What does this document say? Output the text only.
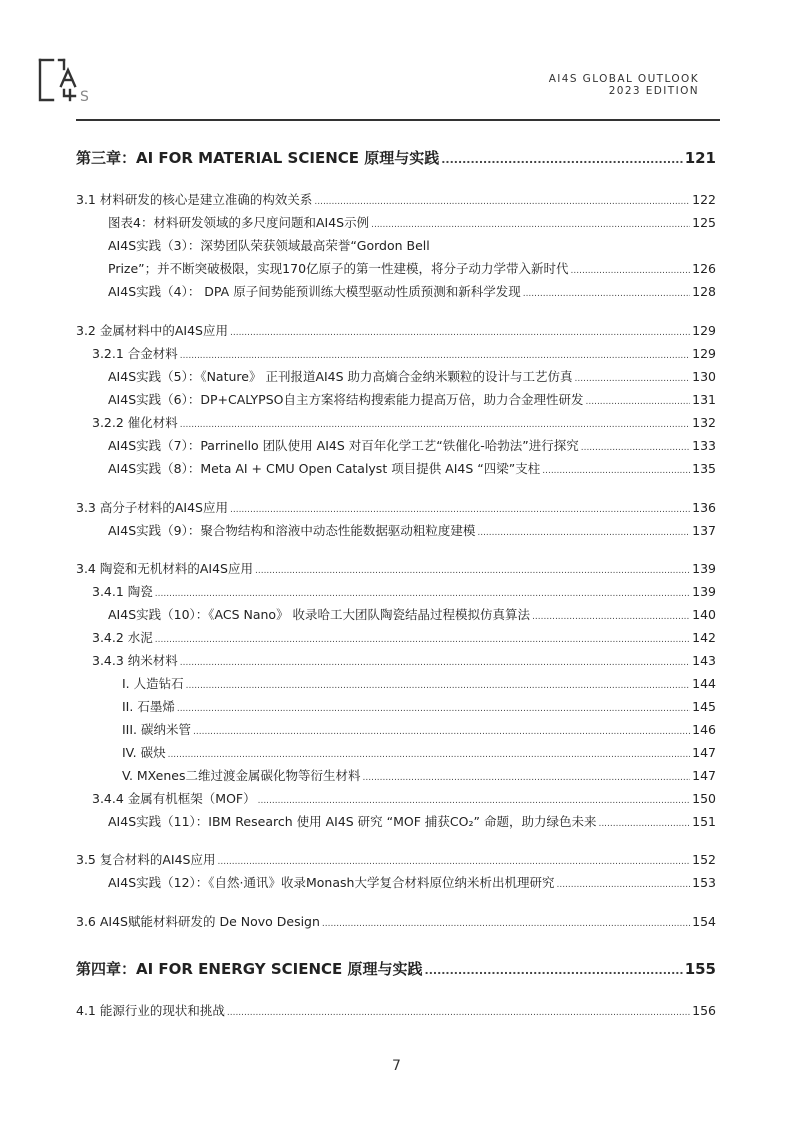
S
AI4S GLOBAL OUTLOOK
2023 EDITION
第三章：AI FOR MATERIAL SCIENCE 原理与实践 .....	121
3.1 材料研发的核心是建立准确的构效关系 .....	122
图表4：材料研发领域的多尺度问题和AI4S示例 .....	125
AI4S实践（3）：深势团队荣获领域最高荣誉“Gordon Bell
Prize”；并不断突破极限，实现170亿原子的第一性建模，将分子动力学带入新时代 .....	126
AI4S实践（4）： DPA 原子间势能预训练大模型驱动性质预测和新科学发现 .....	128
3.2 金属材料中的AI4S应用 .....	129
3.2.1 合金材料 .....	129
AI4S实践（5）：《Nature》 正刊报道AI4S 助力高熵合金纳米颗粒的设计与工艺仿真 .....	130
AI4S实践（6）：DP+CALYPSO自主方案将结构搜索能力提高万倍，助力合金理性研发 .....	131
3.2.2 催化材料 .....	132
AI4S实践（7）：Parrinello 团队使用 AI4S 对百年化学工艺“铁催化-哈勃法”进行探究 .....	133
AI4S实践（8）：Meta AI + CMU Open Catalyst 项目提供 AI4S “四梁”支柱 .....	135
3.3 高分子材料的AI4S应用 .....	136
AI4S实践（9）：聚合物结构和溶液中动态性能数据驱动粗粒度建模 .....	137
3.4 陶瓷和无机材料的AI4S应用 .....	139
3.4.1 陶瓷 .....	139
AI4S实践（10）：《ACS Nano》 收录哈工大团队陶瓷结晶过程模拟仿真算法 .....	140
3.4.2 水泥 .....	142
3.4.3 纳米材料 .....	143
I. 人造钻石 .....	144
II. 石墨烯 .....	145
III. 碳纳米管 .....	146
IV. 碳炔 .....	147
V. MXenes二维过渡金属碳化物等衍生材料 .....	147
3.4.4 金属有机框架（MOF） .....	150
AI4S实践（11）：IBM Research 使用 AI4S 研究 “MOF 捕获CO₂” 命题，助力绿色未来 .....	151
3.5 复合材料的AI4S应用 .....	152
AI4S实践（12）：《自然·通讯》收录Monash大学复合材料原位纳米析出机理研究 .....	153
3.6 AI4S赋能材料研发的 De Novo Design .....	154
第四章：AI FOR ENERGY SCIENCE 原理与实践 .....	155
4.1 能源行业的现状和挑战 .....	156
7
